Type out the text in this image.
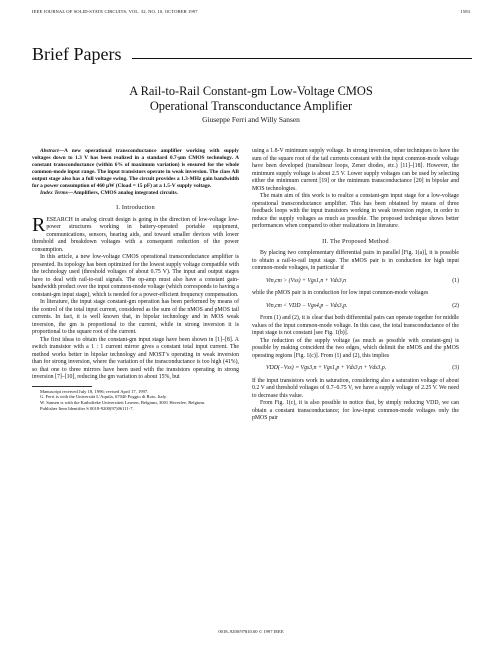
IEEE JOURNAL OF SOLID-STATE CIRCUITS, VOL. 32, NO. 10, OCTOBER 1997	1583
Brief Papers
A Rail-to-Rail Constant-gm Low-Voltage CMOS
Operational Transconductance Amplifier
Giuseppe Ferri and Willy Sansen

Abstract—A new operational transconductance amplifier working with supply voltages down to 1.3 V has been realized in a standard 0.7-μm CMOS technology. A constant transconductance (within 6% of maximum variation) is ensured for the whole common-mode input range. The input transistors operate in weak inversion. The class AB output stage also has a full voltage swing. The circuit provides a 1.3-MHz gain bandwidth for a power consumption of 460 μW (Cload = 15 pF) at a 1.5-V supply voltage.

Index Terms—Amplifiers, CMOS analog integrated circuits.

I. Introduction

RESEARCH in analog circuit design is going in the direction of low-voltage low-power structures working in battery-operated portable equipment, communications, sensors, hearing aids, and toward smaller devices with lower threshold and breakdown voltages with a consequent reduction of the power consumption.

In this article, a new low-voltage CMOS operational transconductance amplifier is presented. Its topology has been optimized for the lowest supply voltage compatible with the technology used (threshold voltages of about 0.75 V). The input and output stages have to deal with rail-to-rail signals. The op-amp must also have a constant gain-bandwidth product over the input common-mode voltage (which corresponds to having a constant-gm input stage), which is needed for a power-efficient frequency compensation.

In literature, the input stage constant-gm operation has been performed by means of the control of the total input current, considered as the sum of the nMOS and pMOS tail currents. In fact, it is well known that, in bipolar technology and in MOS weak inversion, the gm is proportional to the current, while in strong inversion it is proportional to the square root of the current.

The first ideas to obtain the constant-gm input stage have been shown in [1]–[8]. A switch transistor with a 1 : 1 current mirror gives a constant total input current. The method works better in bipolar technology and MOST’s operating in weak inversion than for strong inversion, where the variation of the transconductance is too high (41%), so that one to three mirrors have been used with the transistors operating in strong inversion [7]–[10], reducing the gm variation to about 15%, but

Manuscript received July 18, 1996; revised April 17, 1997.

G. Ferri is with the Università L’Aquila, 67040 Poggio di Roio, Italy.

W. Sansen is with the Katholieke Universiteit Leuven, Belgium, 3001 Heverlee, Belgium.

Publisher Item Identifier S 0018-9200(97)06111-7.

using a 1.8-V minimum supply voltage. In strong inversion, other techniques to have the sum of the square root of the tail currents constant with the input common-mode voltage have been developed (translinear loops, Zener diodes, etc.) [11]–[18]. However, the minimum supply voltage is about 2.5 V. Lower supply voltages can be used by selecting either the minimum current [19] or the minimum transconductance [20] in bipolar and MOS technologies.

The main aim of this work is to realize a constant-gm input stage for a low-voltage operational transconductance amplifier. This has been obtained by means of three feedback loops with the input transistors working in weak inversion region, in order to reduce the supply voltages as much as possible. The proposed technique shows better performances when compared to other realizations in literature.

II. The Proposed Method

By placing two complementary differential pairs in parallel [Fig. 1(a)], it is possible to obtain a rail-to-rail input stage. The nMOS pair is in conduction for high input common-mode voltages, in particular if

Vin,cm > (Vss) + Vgs1,n + Vds3,n	(1)

while the pMOS pair is in conduction for low input common-mode voltages

Vin,cm < VDD − Vgs4,p − Vds3,p.	(2)

From (1) and (2), it is clear that both differential pairs can operate together for middle values of the input common-mode voltage. In this case, the total transconductance of the input stage is not constant [see Fig. 1(b)].

The reduction of the supply voltage (as much as possible with constant-gm) is possible by making coincident the two edges, which delimit the nMOS and the pMOS operating regions [Fig. 1(c)]. From (1) and (2), this implies

VDD(−Vss) = Vgs3,n + Vgs1,p + Vds3,n + Vds3,p.	(3)

If the input transistors work in saturation, considering also a saturation voltage of about 0.2 V and threshold voltages of 0.7–0.75 V, we have a supply voltage of 2.25 V. We need to decrease this value.

From Fig. 1(c), it is also possible to notice that, by simply reducing VDD, we can obtain a constant transconductance; for low-input common-mode voltages only the pMOS pair

0018–9200/97$10.00 © 1997 IEEE
